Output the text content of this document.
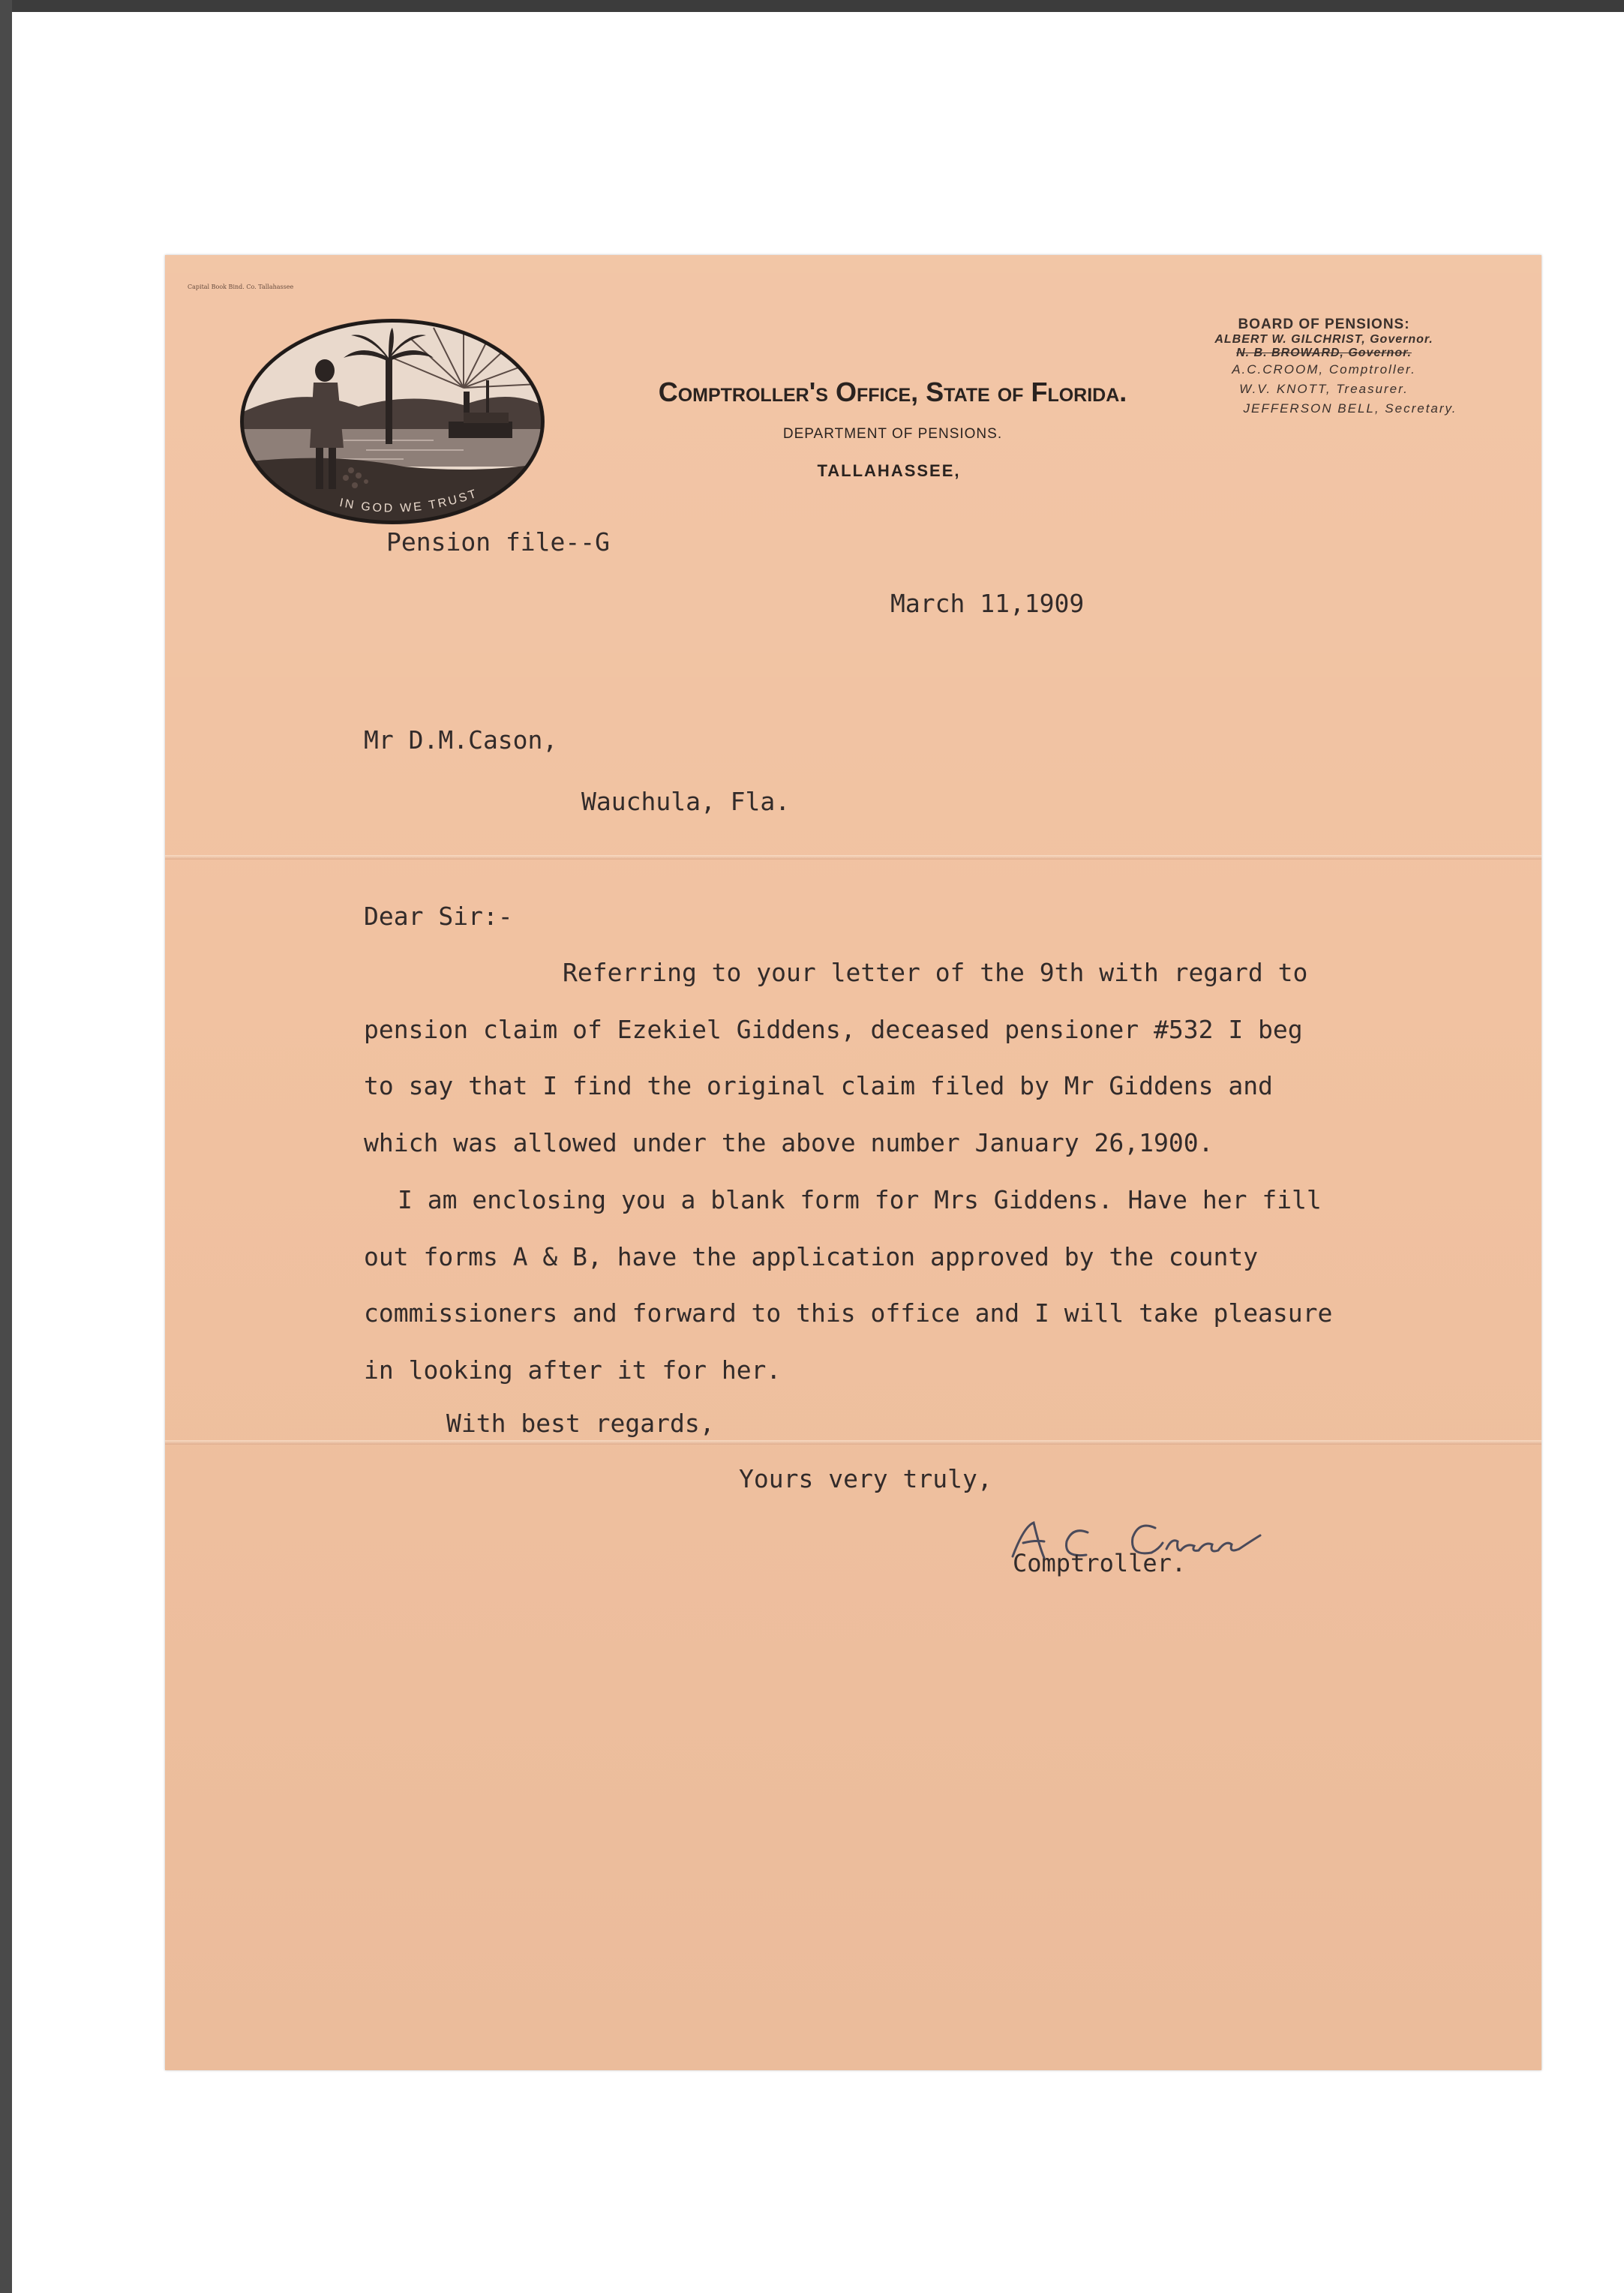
Capital Book Bind. Co. Tallahassee
IN GOD WE TRUST
Comptroller's Office, State of Florida.
DEPARTMENT OF PENSIONS.
TALLAHASSEE,
BOARD OF PENSIONS:
ALBERT W. GILCHRIST, Governor.
N. B. BROWARD, Governor.
A.C.CROOM, Comptroller.
W.V. KNOTT, Treasurer.
JEFFERSON BELL, Secretary.
Pension file--G
March 11,1909
Mr D.M.Cason,
Wauchula, Fla.
Dear Sir:-
Referring to your letter of the 9th with regard to
pension claim of Ezekiel Giddens, deceased pensioner #532 I beg
to say that I find the original claim filed by Mr Giddens and
which was allowed under the above number January 26,1900.
I am enclosing you a blank form for Mrs Giddens. Have her fill
out forms A & B, have the application approved by the county
commissioners and forward to this office and I will take pleasure
in looking after it for her.
With best regards,
Yours very truly,
Comptroller.
